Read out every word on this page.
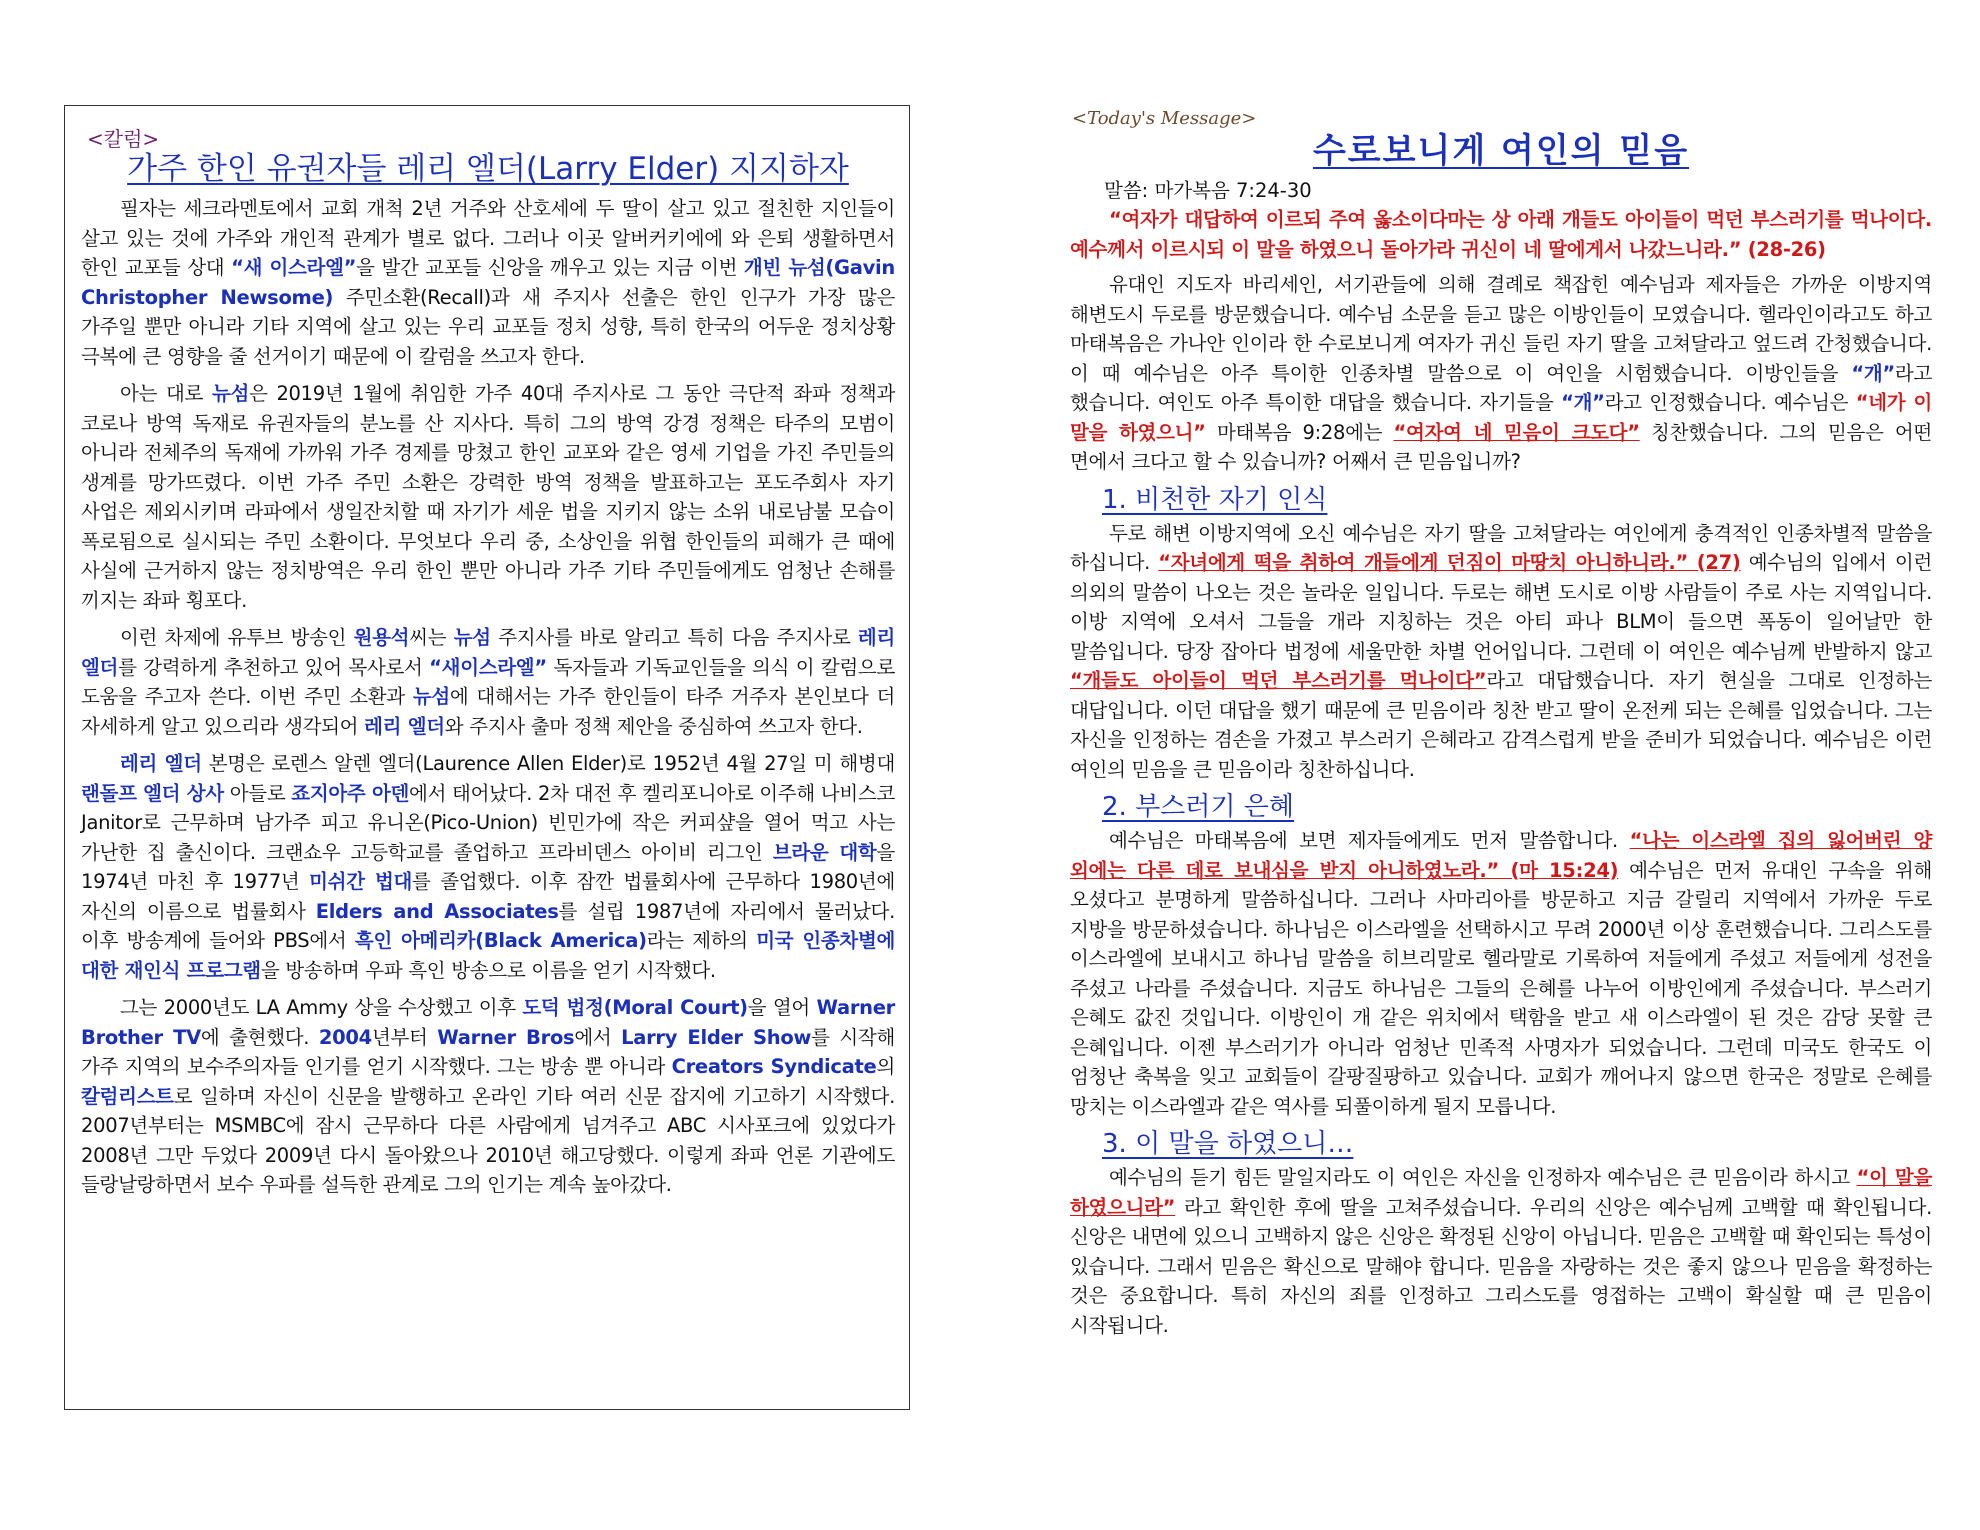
<칼럼>
가주 한인 유권자들 레리 엘더(Larry Elder) 지지하자

필자는 세크라멘토에서 교회 개척 2년 거주와 산호세에 두 딸이 살고 있고 절친한 지인들이 살고 있는 것에 가주와 개인적 관계가 별로 없다. 그러나 이곳 알버커키에에 와 은퇴 생활하면서 한인 교포들 상대 “새 이스라엘”을 발간 교포들 신앙을 깨우고 있는 지금 이번 개빈 뉴섬(Gavin Christopher Newsome) 주민소환(Recall)과 새 주지사 선출은 한인 인구가 가장 많은 가주일 뿐만 아니라 기타 지역에 살고 있는 우리 교포들 정치 성향, 특히 한국의 어두운 정치상황 극복에 큰 영향을 줄 선거이기 때문에 이 칼럼을 쓰고자 한다.

아는 대로 뉴섬은 2019년 1월에 취임한 가주 40대 주지사로 그 동안 극단적 좌파 정책과 코로나 방역 독재로 유권자들의 분노를 산 지사다. 특히 그의 방역 강경 정책은 타주의 모범이 아니라 전체주의 독재에 가까워 가주 경제를 망쳤고 한인 교포와 같은 영세 기업을 가진 주민들의 생계를 망가뜨렸다. 이번 가주 주민 소환은 강력한 방역 정책을 발표하고는 포도주회사 자기 사업은 제외시키며 라파에서 생일잔치할 때 자기가 세운 법을 지키지 않는 소위 내로남불 모습이 폭로됨으로 실시되는 주민 소환이다. 무엇보다 우리 중, 소상인을 위협 한인들의 피해가 큰 때에 사실에 근거하지 않는 정치방역은 우리 한인 뿐만 아니라 가주 기타 주민들에게도 엄청난 손해를 끼지는 좌파 횡포다.

이런 차제에 유투브 방송인 원용석씨는 뉴섬 주지사를 바로 알리고 특히 다음 주지사로 레리 엘더를 강력하게 추천하고 있어 목사로서 “새이스라엘” 독자들과 기독교인들을 의식 이 칼럼으로 도움을 주고자 쓴다. 이번 주민 소환과 뉴섬에 대해서는 가주 한인들이 타주 거주자 본인보다 더 자세하게 알고 있으리라 생각되어 레리 엘더와 주지사 출마 정책 제안을 중심하여 쓰고자 한다.

레리 엘더 본명은 로렌스 알렌 엘더(Laurence Allen Elder)로 1952년 4월 27일 미 해병대 랜돌프 엘더 상사 아들로 죠지아주 아덴에서 태어났다. 2차 대전 후 켈리포니아로 이주해 나비스코 Janitor로 근무하며 남가주 피고 유니온(Pico-Union) 빈민가에 작은 커피샾을 열어 먹고 사는 가난한 집 출신이다. 크랜쇼우 고등학교를 졸업하고 프라비덴스 아이비 리그인 브라운 대학을 1974년 마친 후 1977년 미쉬간 법대를 졸업했다. 이후 잠깐 법률회사에 근무하다 1980년에 자신의 이름으로 법률회사 Elders and Associates를 설립 1987년에 자리에서 물러났다. 이후 방송계에 들어와 PBS에서 흑인 아메리카(Black America)라는 제하의 미국 인종차별에 대한 재인식 프로그램을 방송하며 우파 흑인 방송으로 이름을 얻기 시작했다.

그는 2000년도 LA Ammy 상을 수상했고 이후 도덕 법정(Moral Court)을 열어 Warner Brother TV에 출현했다. 2004년부터 Warner Bros에서 Larry Elder Show를 시작해 가주 지역의 보수주의자들 인기를 얻기 시작했다. 그는 방송 뿐 아니라 Creators Syndicate의 칼럼리스트로 일하며 자신이 신문을 발행하고 온라인 기타 여러 신문 잡지에 기고하기 시작했다. 2007년부터는 MSMBC에 잠시 근무하다 다른 사람에게 넘겨주고 ABC 시사포크에 있었다가 2008년 그만 두었다 2009년 다시 돌아왔으나 2010년 해고당했다. 이렇게 좌파 언론 기관에도 들랑날랑하면서 보수 우파를 설득한 관계로 그의 인기는 계속 높아갔다.

<Today's Message>
수로보니게 여인의 믿음
말씀: 마가복음 7:24-30

“여자가 대답하여 이르되 주여 옳소이다마는 상 아래 개들도 아이들이 먹던 부스러기를 먹나이다. 예수께서 이르시되 이 말을 하였으니 돌아가라 귀신이 네 딸에게서 나갔느니라.” (28-26)

유대인 지도자 바리세인, 서기관들에 의해 결례로 책잡힌 예수님과 제자들은 가까운 이방지역 해변도시 두로를 방문했습니다. 예수님 소문을 듣고 많은 이방인들이 모였습니다. 헬라인이라고도 하고 마태복음은 가나안 인이라 한 수로보니게 여자가 귀신 들린 자기 딸을 고쳐달라고 엎드려 간청했습니다. 이 때 예수님은 아주 특이한 인종차별 말씀으로 이 여인을 시험했습니다. 이방인들을 “개”라고 했습니다. 여인도 아주 특이한 대답을 했습니다. 자기들을 “개”라고 인정했습니다. 예수님은 “네가 이 말을 하였으니” 마태복음 9:28에는 “여자여 네 믿음이 크도다” 칭찬했습니다. 그의 믿음은 어떤 면에서 크다고 할 수 있습니까? 어째서 큰 믿음입니까?

1. 비천한 자기 인식

두로 해변 이방지역에 오신 예수님은 자기 딸을 고쳐달라는 여인에게 충격적인 인종차별적 말씀을 하십니다. “자녀에게 떡을 취하여 개들에게 던짐이 마땅치 아니하니라.” (27) 예수님의 입에서 이런 의외의 말씀이 나오는 것은 놀라운 일입니다. 두로는 해변 도시로 이방 사람들이 주로 사는 지역입니다. 이방 지역에 오셔서 그들을 개라 지칭하는 것은 아티 파나 BLM이 들으면 폭동이 일어날만 한 말씀입니다. 당장 잡아다 법정에 세울만한 차별 언어입니다. 그런데 이 여인은 예수님께 반발하지 않고 “개들도 아이들이 먹던 부스러기를 먹나이다”라고 대답했습니다. 자기 현실을 그대로 인정하는 대답입니다. 이던 대답을 했기 때문에 큰 믿음이라 칭찬 받고 딸이 온전케 되는 은혜를 입었습니다. 그는 자신을 인정하는 겸손을 가졌고 부스러기 은혜라고 감격스럽게 받을 준비가 되었습니다. 예수님은 이런 여인의 믿음을 큰 믿음이라 칭찬하십니다.

2. 부스러기 은혜

예수님은 마태복음에 보면 제자들에게도 먼저 말씀합니다. “나는 이스라엘 집의 잃어버린 양 외에는 다른 데로 보내심을 받지 아니하였노라.” (마 15:24) 예수님은 먼저 유대인 구속을 위해 오셨다고 분명하게 말씀하십니다. 그러나 사마리아를 방문하고 지금 갈릴리 지역에서 가까운 두로 지방을 방문하셨습니다. 하나님은 이스라엘을 선택하시고 무려 2000년 이상 훈련했습니다. 그리스도를 이스라엘에 보내시고 하나님 말씀을 히브리말로 헬라말로 기록하여 저들에게 주셨고 저들에게 성전을 주셨고 나라를 주셨습니다. 지금도 하나님은 그들의 은혜를 나누어 이방인에게 주셨습니다. 부스러기 은혜도 값진 것입니다. 이방인이 개 같은 위치에서 택함을 받고 새 이스라엘이 된 것은 감당 못할 큰 은혜입니다. 이젠 부스러기가 아니라 엄청난 민족적 사명자가 되었습니다. 그런데 미국도 한국도 이 엄청난 축복을 잊고 교회들이 갈팡질팡하고 있습니다. 교회가 깨어나지 않으면 한국은 정말로 은혜를 망치는 이스라엘과 같은 역사를 되풀이하게 될지 모릅니다.

3. 이 말을 하였으니…

예수님의 듣기 힘든 말일지라도 이 여인은 자신을 인정하자 예수님은 큰 믿음이라 하시고 “이 말을 하였으니라” 라고 확인한 후에 딸을 고쳐주셨습니다. 우리의 신앙은 예수님께 고백할 때 확인됩니다. 신앙은 내면에 있으니 고백하지 않은 신앙은 확정된 신앙이 아닙니다. 믿음은 고백할 때 확인되는 특성이 있습니다. 그래서 믿음은 확신으로 말해야 합니다. 믿음을 자랑하는 것은 좋지 않으나 믿음을 확정하는 것은 중요합니다. 특히 자신의 죄를 인정하고 그리스도를 영접하는 고백이 확실할 때 큰 믿음이 시작됩니다.
